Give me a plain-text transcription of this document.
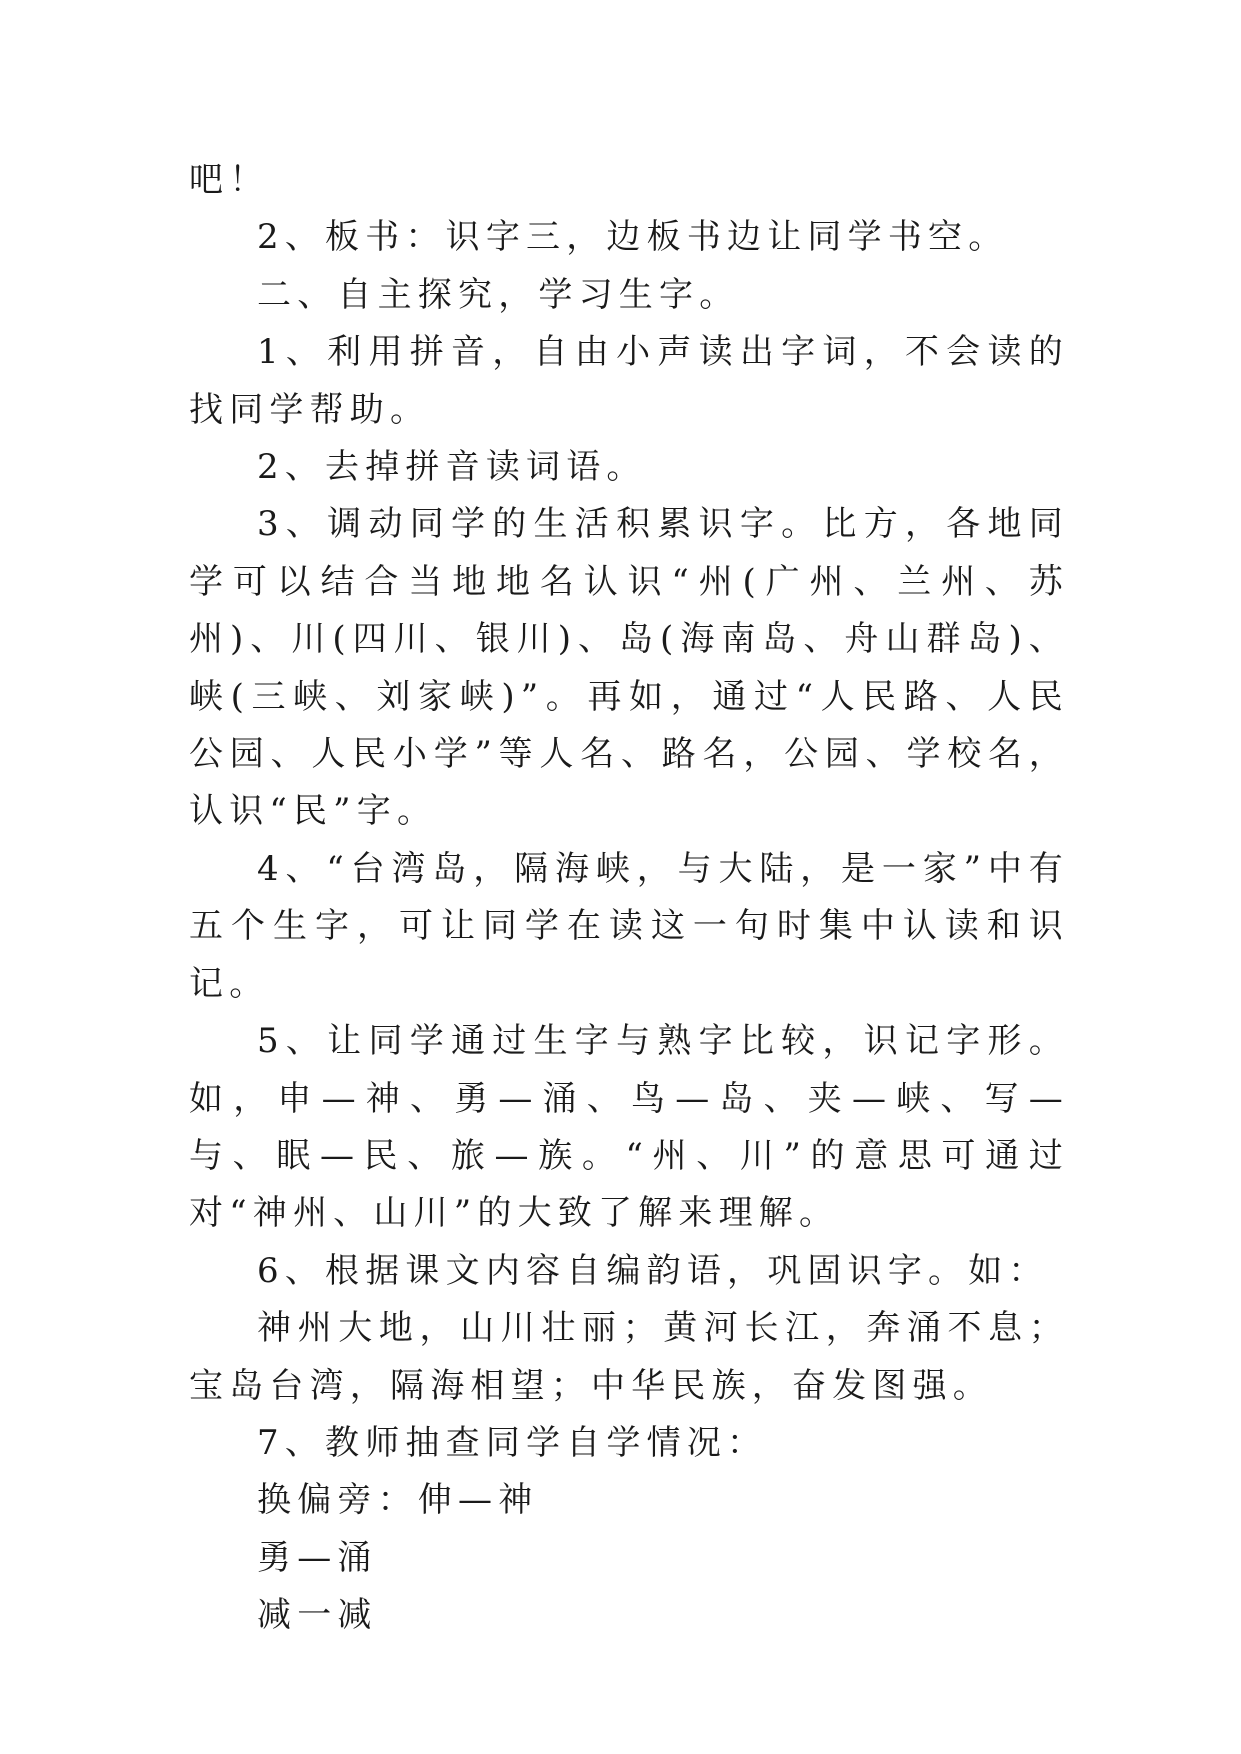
吧！

2、板书：识字三，边板书边让同学书空。

二、自主探究，学习生字。

1、利用拼音，自由小声读出字词，不会读的找同学帮助。

2、去掉拼音读词语。

3、调动同学的生活积累识字。比方，各地同学可以结合当地地名认识“州(广州、兰州、苏州)、川(四川、银川)、岛(海南岛、舟山群岛)、峡(三峡、刘家峡)”。再如，通过“人民路、人民公园、人民小学”等人名、路名，公园、学校名，认识“民”字。

4、“台湾岛，隔海峡，与大陆，是一家”中有五个生字，可让同学在读这一句时集中认读和识记。

5、让同学通过生字与熟字比较，识记字形。如，申—神、勇—涌、鸟—岛、夹—峡、写—与、眠—民、旅—族。“州、川”的意思可通过对“神州、山川”的大致了解来理解。

6、根据课文内容自编韵语，巩固识字。如：

神州大地，山川壮丽；黄河长江，奔涌不息；宝岛台湾，隔海相望；中华民族，奋发图强。

7、教师抽查同学自学情况：

换偏旁：伸—神
勇—涌
减一减
